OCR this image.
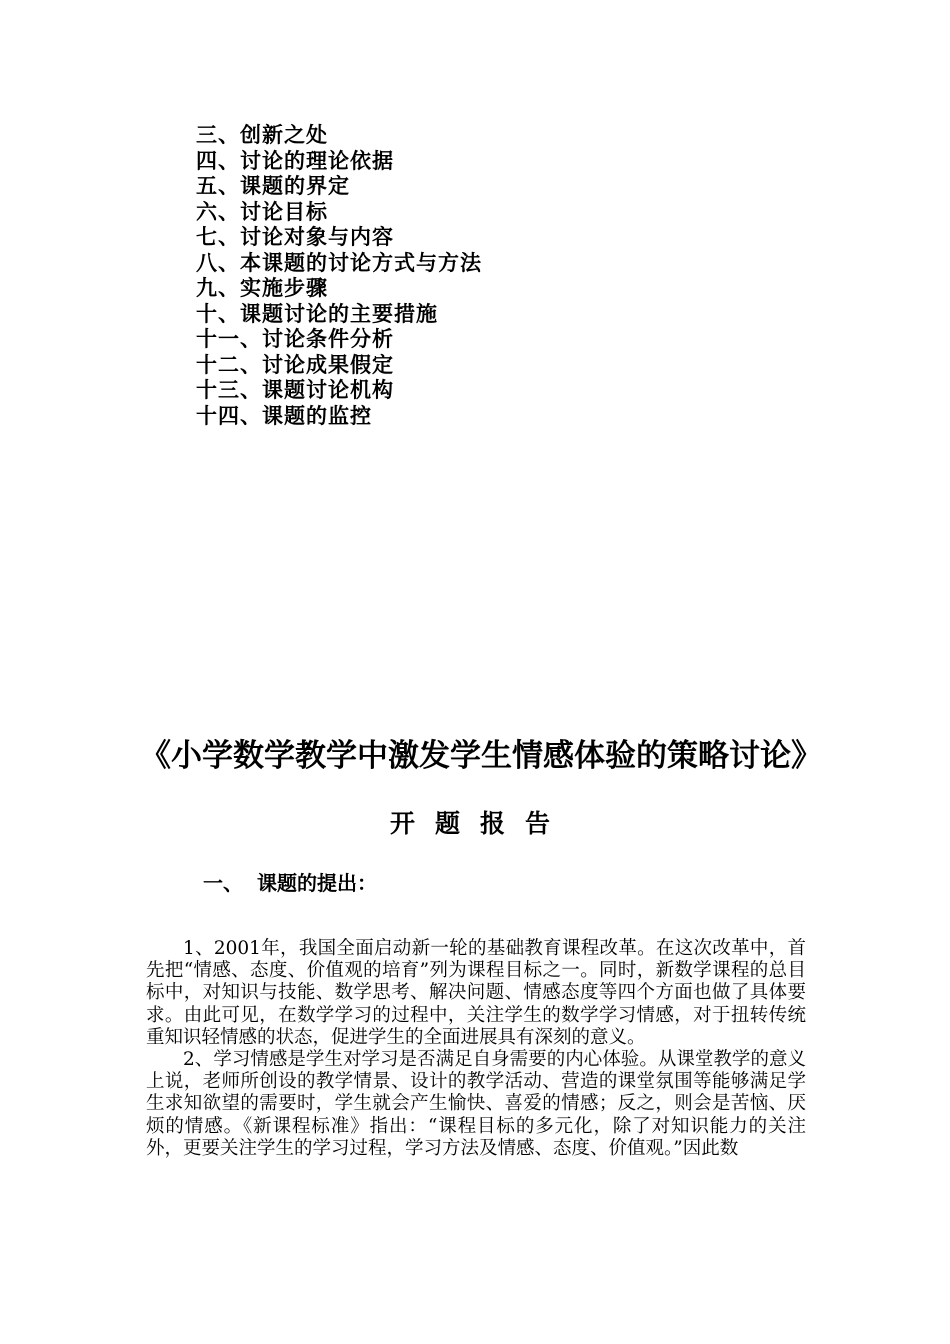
三、创新之处
四、讨论的理论依据
五、课题的界定
六、讨论目标
七、讨论对象与内容
八、本课题的讨论方式与方法
九、实施步骤
十、课题讨论的主要措施
十一、讨论条件分析
十二、讨论成果假定
十三、课题讨论机构
十四、课题的监控
《小学数学教学中激发学生情感体验的策略讨论》
开题报告
一、 课题的提出：

1、2001年，我国全面启动新一轮的基础教育课程改革。在这次改革中，首先把“情感、态度、价值观的培育”列为课程目标之一。同时，新数学课程的总目标中，对知识与技能、数学思考、解决问题、情感态度等四个方面也做了具体要求。由此可见，在数学学习的过程中，关注学生的数学学习情感，对于扭转传统重知识轻情感的状态，促进学生的全面进展具有深刻的意义。

2、学习情感是学生对学习是否满足自身需要的内心体验。从课堂教学的意义上说，老师所创设的教学情景、设计的教学活动、营造的课堂氛围等能够满足学生求知欲望的需要时，学生就会产生愉快、喜爱的情感；反之，则会是苦恼、厌烦的情感。《新课程标准》指出：“课程目标的多元化，除了对知识能力的关注外，更要关注学生的学习过程，学习方法及情感、态度、价值观。”因此数
